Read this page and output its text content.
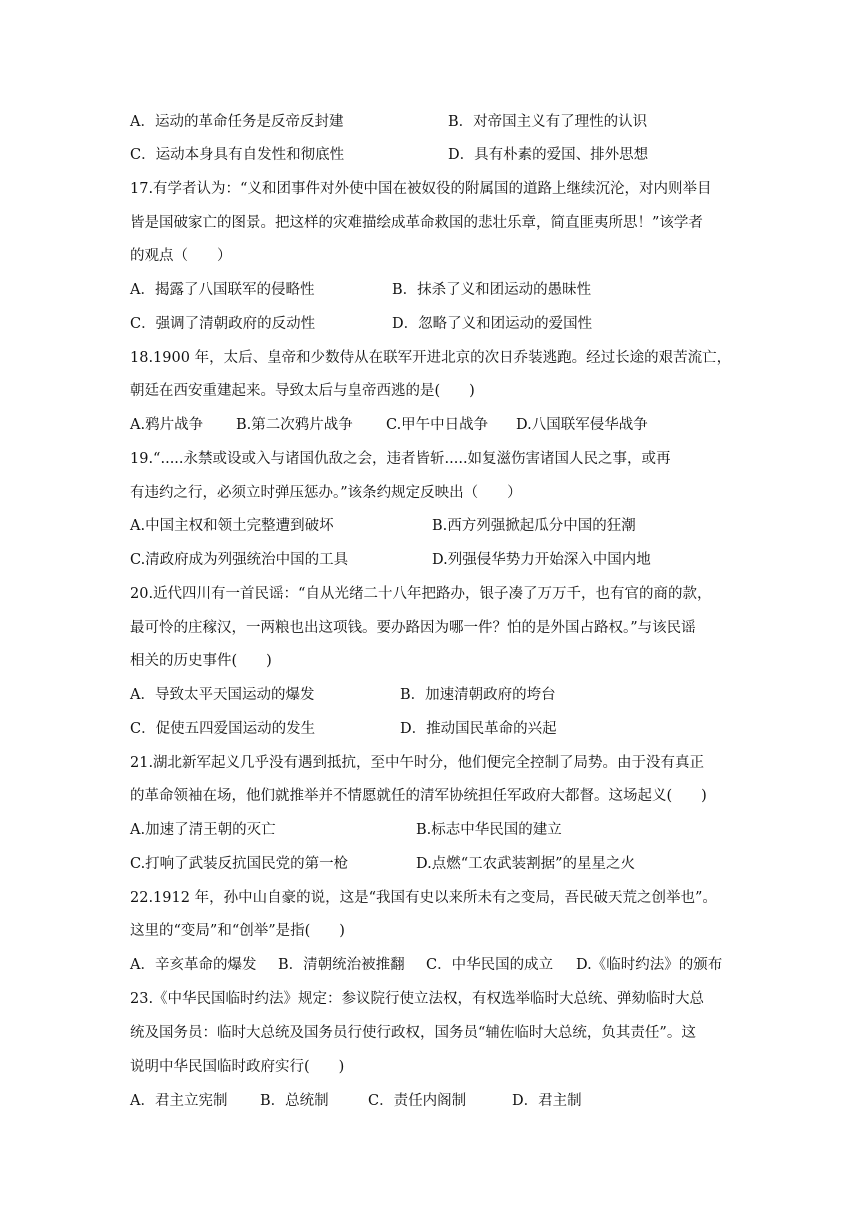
A．运动的革命任务是反帝反封建	B．对帝国主义有了理性的认识
C．运动本身具有自发性和彻底性	D．具有朴素的爱国、排外思想
17.有学者认为：“义和团事件对外使中国在被奴役的附属国的道路上继续沉沦，对内则举目
皆是国破家亡的图景。把这样的灾难描绘成革命救国的悲壮乐章，简直匪夷所思！”该学者
的观点（　　）
A．揭露了八国联军的侵略性	B．抹杀了义和团运动的愚昧性
C．强调了清朝政府的反动性	D．忽略了义和团运动的爱国性
18.1900 年，太后、皇帝和少数侍从在联军开进北京的次日乔装逃跑。经过长途的艰苦流亡，
朝廷在西安重建起来。导致太后与皇帝西逃的是(　　)
A.鸦片战争 B.第二次鸦片战争 C.甲午中日战争 D.八国联军侵华战争
19.“.....永禁或设或入与诸国仇敌之会，违者皆斩.....如复滋伤害诸国人民之事，或再
有违约之行，必须立时弹压惩办。”该条约规定反映出（　　）
A.中国主权和领土完整遭到破坏	B.西方列强掀起瓜分中国的狂潮
C.清政府成为列强统治中国的工具	D.列强侵华势力开始深入中国内地
20.近代四川有一首民谣：“自从光绪二十八年把路办，银子凑了万万千，也有官的商的款，
最可怜的庄稼汉，一两粮也出这项钱。要办路因为哪一件？怕的是外国占路权。”与该民谣
相关的历史事件(　　)
A．导致太平天国运动的爆发	B．加速清朝政府的垮台
C．促使五四爱国运动的发生	D．推动国民革命的兴起
21.湖北新军起义几乎没有遇到抵抗，至中午时分，他们便完全控制了局势。由于没有真正
的革命领袖在场，他们就推举并不情愿就任的清军协统担任军政府大都督。这场起义(　　)
A.加速了清王朝的灭亡	B.标志中华民国的建立
C.打响了武装反抗国民党的第一枪	D.点燃“工农武装割据”的星星之火
22.1912 年，孙中山自豪的说，这是“我国有史以来所未有之变局，吾民破天荒之创举也”。
这里的“变局”和“创举”是指(　　)
A．辛亥革命的爆发 B．清朝统治被推翻 C．中华民国的成立 D.《临时约法》的颁布
23.《中华民国临时约法》规定：参议院行使立法权，有权选举临时大总统、弹劾临时大总
统及国务员：临时大总统及国务员行使行政权，国务员“辅佐临时大总统，负其责任”。这
说明中华民国临时政府实行(　　)
A．君主立宪制 B．总统制	C．责任内阁制	D．君主制
